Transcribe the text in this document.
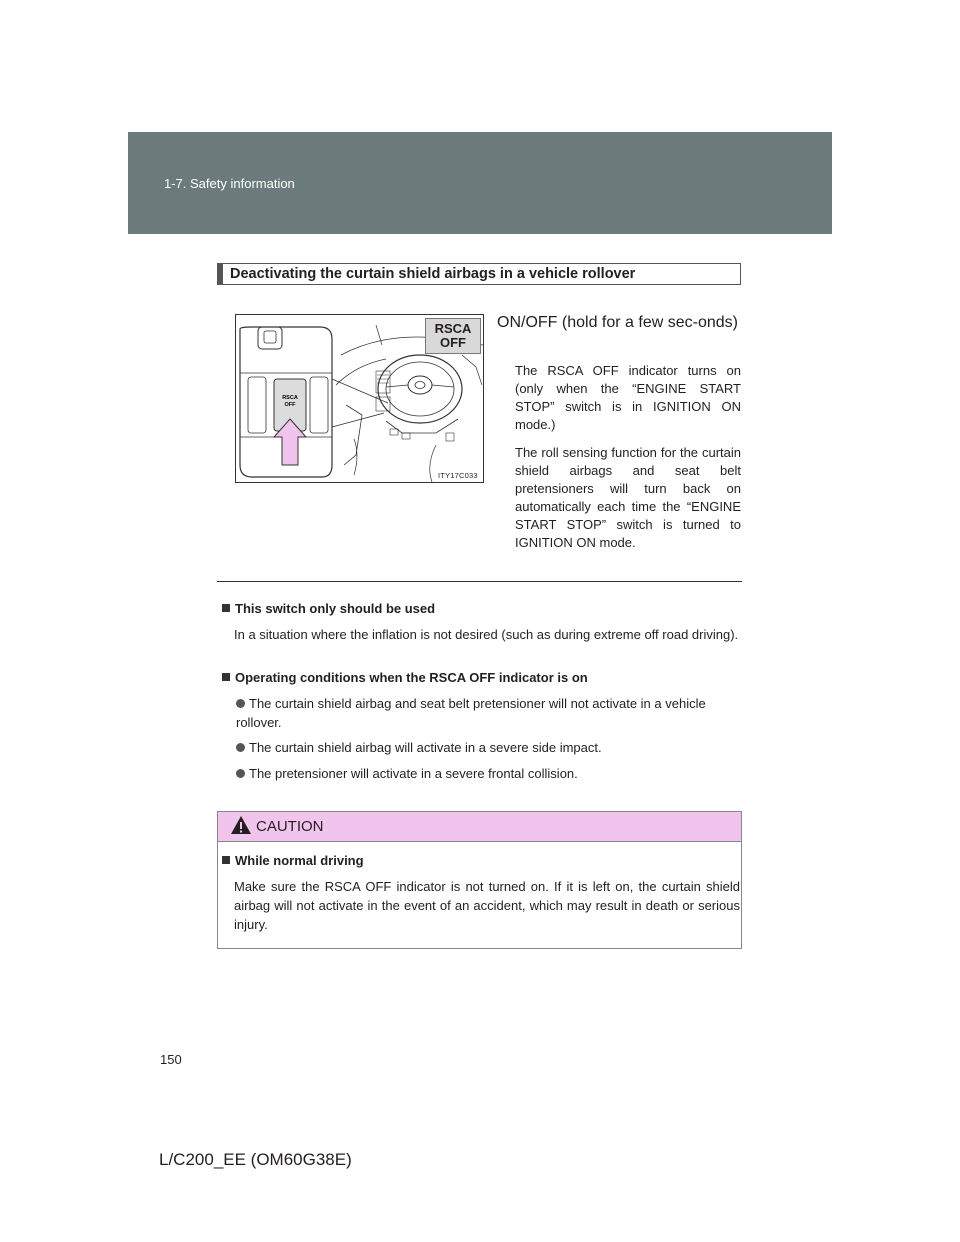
1-7. Safety information
Deactivating the curtain shield airbags in a vehicle rollover
RSCA
OFF
RSCA
OFF
ITY17C033
ON/OFF (hold for a few sec-onds)
The RSCA OFF indicator turns on (only when the “ENGINE START STOP” switch is in IGNITION ON mode.)
The roll sensing function for the curtain shield airbags and seat belt pretensioners will turn back on automatically each time the “ENGINE START STOP” switch is turned to IGNITION ON mode.
This switch only should be used
In a situation where the inflation is not desired (such as during extreme off road driving).
Operating conditions when the RSCA OFF indicator is on
The curtain shield airbag and seat belt pretensioner will not activate in a vehicle rollover.
The curtain shield airbag will activate in a severe side impact.
The pretensioner will activate in a severe frontal collision.
CAUTION
While normal driving
Make sure the RSCA OFF indicator is not turned on. If it is left on, the curtain shield airbag will not activate in the event of an accident, which may result in death or serious injury.
150
L/C200_EE (OM60G38E)
